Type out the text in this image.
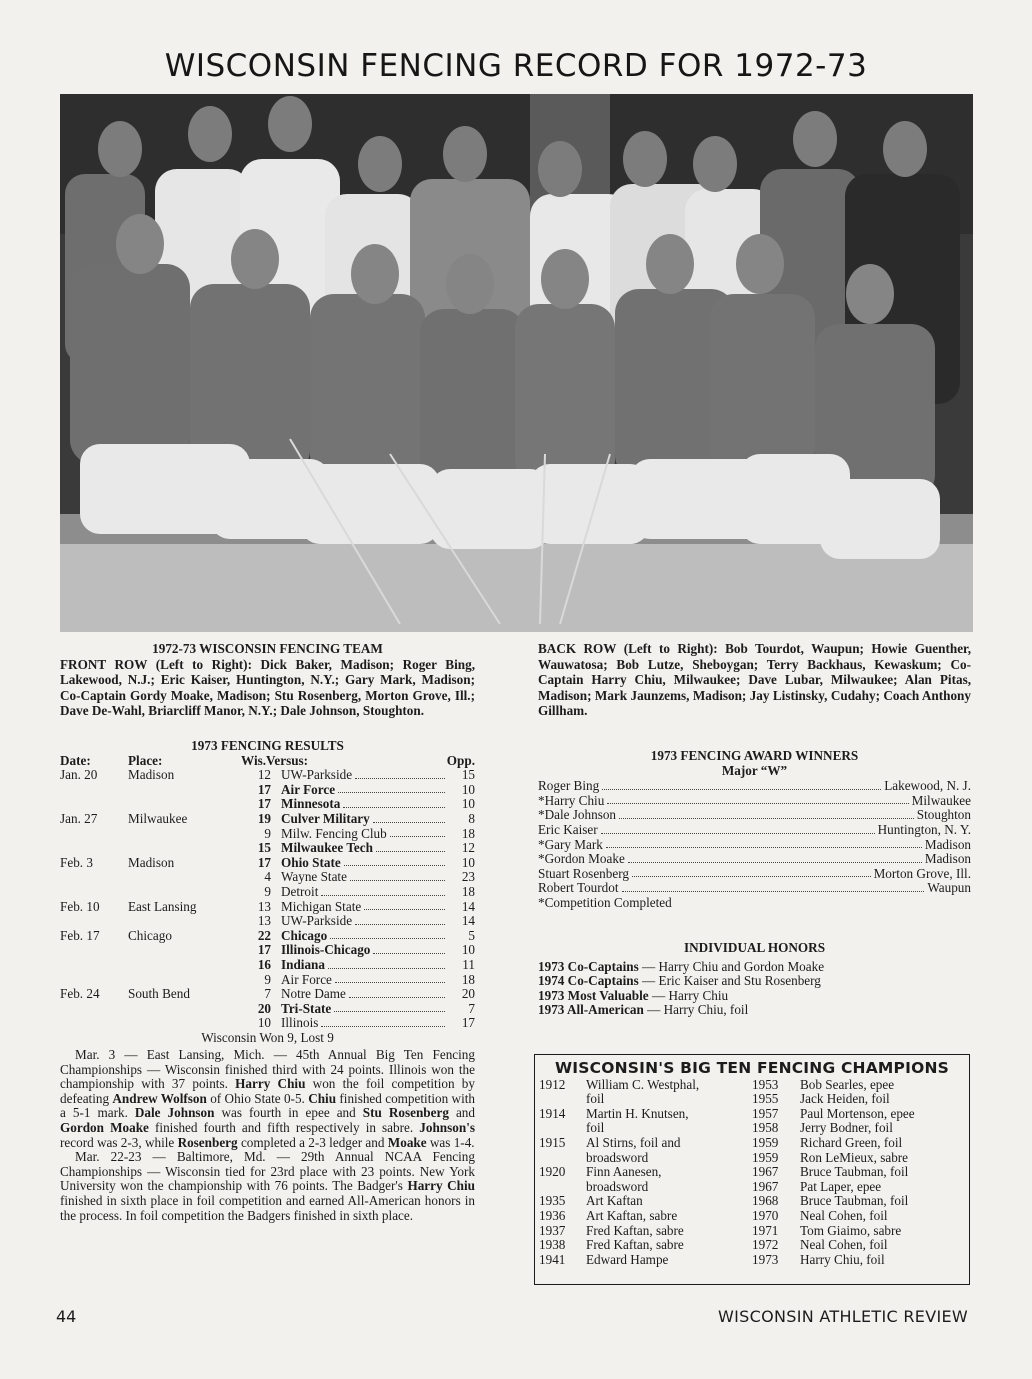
WISCONSIN FENCING RECORD FOR 1972-73
1972-73 WISCONSIN FENCING TEAM
FRONT ROW (Left to Right): Dick Baker, Madison; Roger Bing, Lakewood, N.J.; Eric Kaiser, Huntington, N.Y.; Gary Mark, Madison; Co-Captain Gordy Moake, Madison; Stu Rosenberg, Morton Grove, Ill.; Dave De-Wahl, Briarcliff Manor, N.Y.; Dale Johnson, Stoughton.
BACK ROW (Left to Right): Bob Tourdot, Waupun; Howie Guenther, Wauwatosa; Bob Lutze, Sheboygan; Terry Backhaus, Kewaskum; Co-Captain Harry Chiu, Milwaukee; Dave Lubar, Milwaukee; Alan Pitas, Madison; Mark Jaunzems, Madison; Jay Listinsky, Cudahy; Coach Anthony Gillham.
1973 FENCING RESULTS
Date:	Place:	Wis.Versus:	Opp.
Jan. 20	Madison	12 UW-Parkside	15

		17 Air Force	10

		17 Minnesota	10
Jan. 27	Milwaukee	19 Culver Military	8

		9 Milw. Fencing Club	18

		15 Milwaukee Tech	12
Feb. 3	Madison	17 Ohio State	10

		4 Wayne State	23

		9 Detroit	18
Feb. 10	East Lansing	13 Michigan State	14

		13 UW-Parkside	14
Feb. 17	Chicago	22 Chicago	5

		17 Illinois-Chicago	10

		16 Indiana	11

		9 Air Force	18
Feb. 24	South Bend	7 Notre Dame	20

		20 Tri-State	7

		10 Illinois	17
Wisconsin Won 9, Lost 9

Mar. 3 — East Lansing, Mich. — 45th Annual Big Ten Fencing Championships — Wisconsin finished third with 24 points. Illinois won the championship with 37 points. Harry Chiu won the foil competition by defeating Andrew Wolfson of Ohio State 0-5. Chiu finished competition with a 5-1 mark. Dale Johnson was fourth in epee and Stu Rosenberg and Gordon Moake finished fourth and fifth respectively in sabre. Johnson's record was 2-3, while Rosenberg completed a 2-3 ledger and Moake was 1-4.

Mar. 22-23 — Baltimore, Md. — 29th Annual NCAA Fencing Championships — Wisconsin tied for 23rd place with 23 points. New York University won the championship with 76 points. The Badger's Harry Chiu finished in sixth place in foil competition and earned All-American honors in the process. In foil competition the Badgers finished in sixth place.

1973 FENCING AWARD WINNERS
Major “W”
Roger Bing	Lakewood, N. J.
*Harry Chiu	Milwaukee
*Dale Johnson	Stoughton
Eric Kaiser	Huntington, N. Y.
*Gary Mark	Madison
*Gordon Moake	Madison
Stuart Rosenberg	Morton Grove, Ill.
Robert Tourdot	Waupun
*Competition Completed
INDIVIDUAL HONORS
1973 Co-Captains — Harry Chiu and Gordon Moake
1974 Co-Captains — Eric Kaiser and Stu Rosenberg
1973 Most Valuable — Harry Chiu
1973 All-American — Harry Chiu, foil
WISCONSIN'S BIG TEN FENCING CHAMPIONS
1912	William C. Westphal,
foil
1914	Martin H. Knutsen,
foil
1915	Al Stirns, foil and
broadsword
1920	Finn Aanesen,
broadsword
1935	Art Kaftan
1936	Art Kaftan, sabre
1937	Fred Kaftan, sabre
1938	Fred Kaftan, sabre
1941	Edward Hampe
1953	Bob Searles, epee
1955	Jack Heiden, foil
1957	Paul Mortenson, epee
1958	Jerry Bodner, foil
1959	Richard Green, foil
1959	Ron LeMieux, sabre
1967	Bruce Taubman, foil
1967	Pat Laper, epee
1968	Bruce Taubman, foil
1970	Neal Cohen, foil
1971	Tom Giaimo, sabre
1972	Neal Cohen, foil
1973	Harry Chiu, foil
44	WISCONSIN ATHLETIC REVIEW
